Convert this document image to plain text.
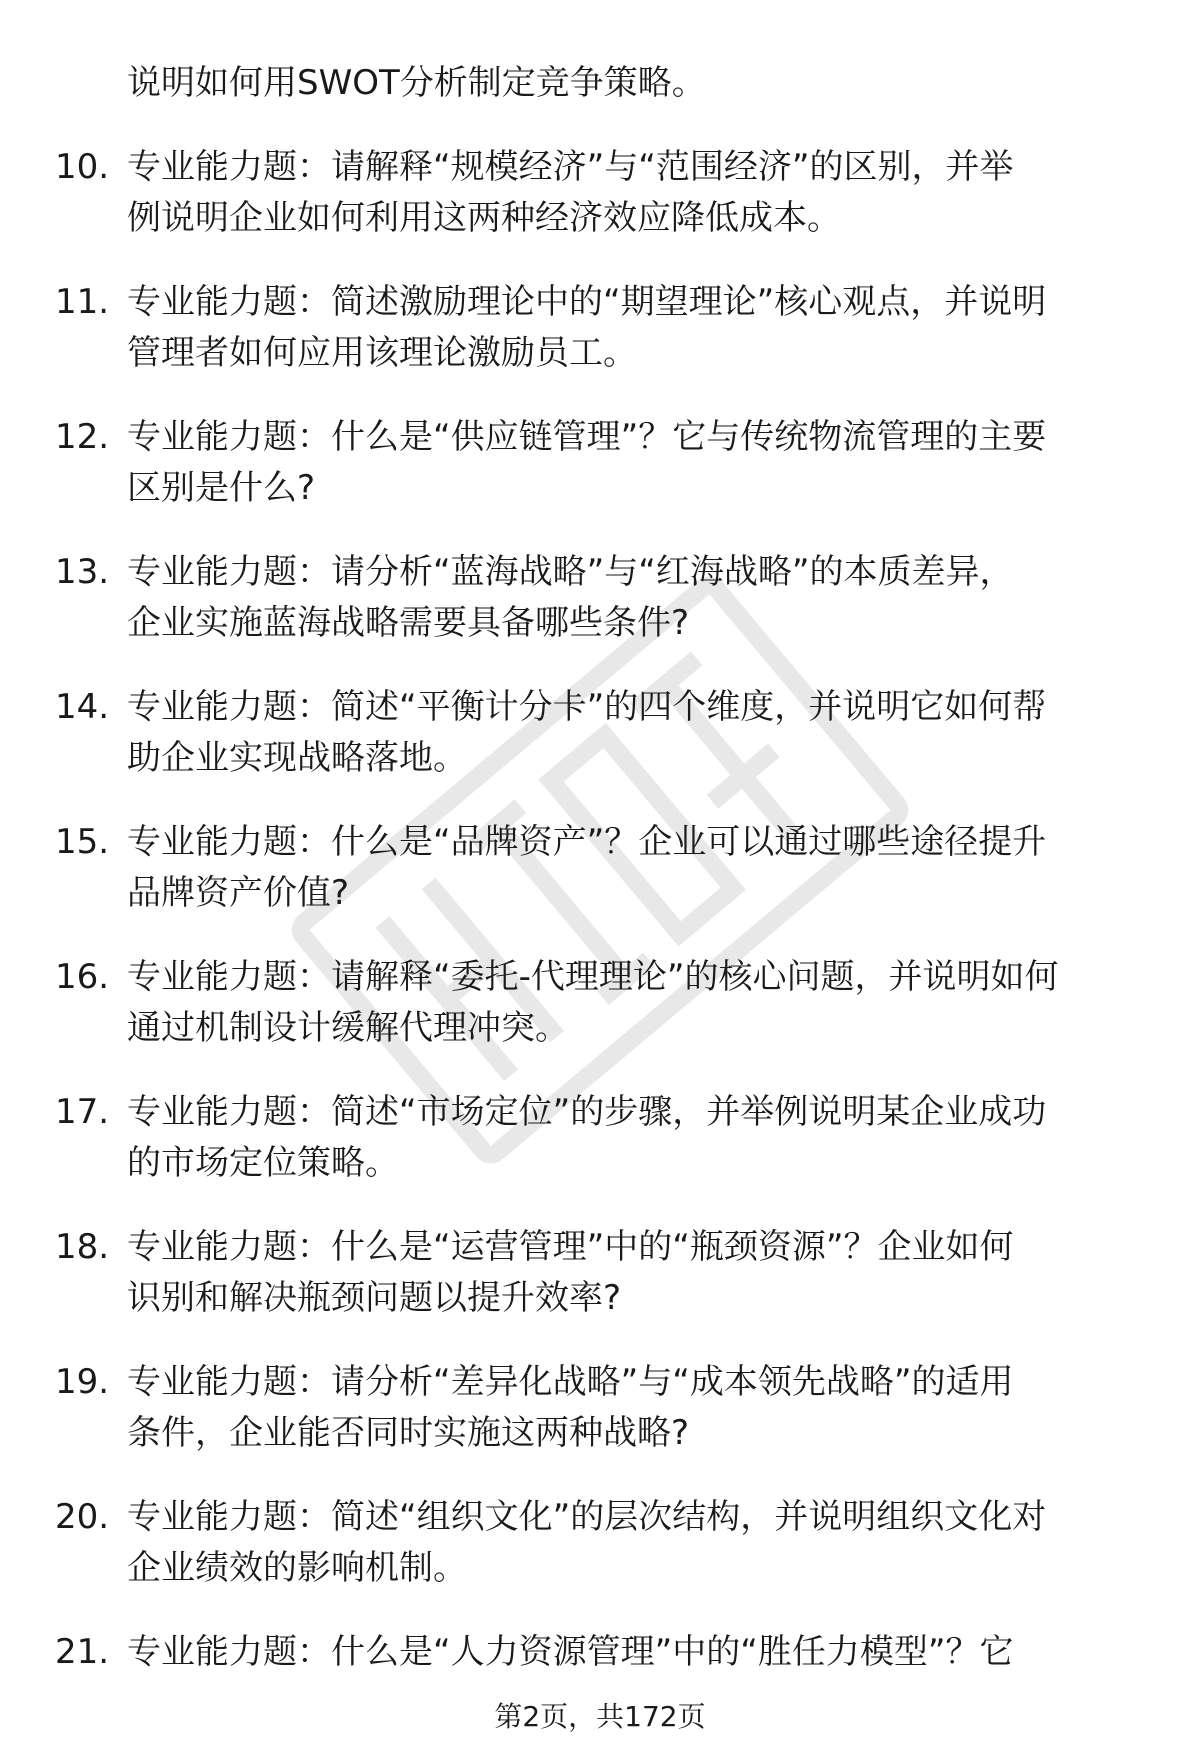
说明如何用SWOT分析制定竞争策略。
10. 专业能力题：请解释“规模经济”与“范围经济”的区别，并举
例说明企业如何利用这两种经济效应降低成本。
11. 专业能力题：简述激励理论中的“期望理论”核心观点，并说明
管理者如何应用该理论激励员工。
12. 专业能力题：什么是“供应链管理”？它与传统物流管理的主要
区别是什么?
13. 专业能力题：请分析“蓝海战略”与“红海战略”的本质差异，
企业实施蓝海战略需要具备哪些条件?
14. 专业能力题：简述“平衡计分卡”的四个维度，并说明它如何帮
助企业实现战略落地。
15. 专业能力题：什么是“品牌资产”？企业可以通过哪些途径提升
品牌资产价值?
16. 专业能力题：请解释“委托-代理理论”的核心问题，并说明如何
通过机制设计缓解代理冲突。
17. 专业能力题：简述“市场定位”的步骤，并举例说明某企业成功
的市场定位策略。
18. 专业能力题：什么是“运营管理”中的“瓶颈资源”？企业如何
识别和解决瓶颈问题以提升效率?
19. 专业能力题：请分析“差异化战略”与“成本领先战略”的适用
条件，企业能否同时实施这两种战略?
20. 专业能力题：简述“组织文化”的层次结构，并说明组织文化对
企业绩效的影响机制。
21. 专业能力题：什么是“人力资源管理”中的“胜任力模型”？它
第2页，共172页
